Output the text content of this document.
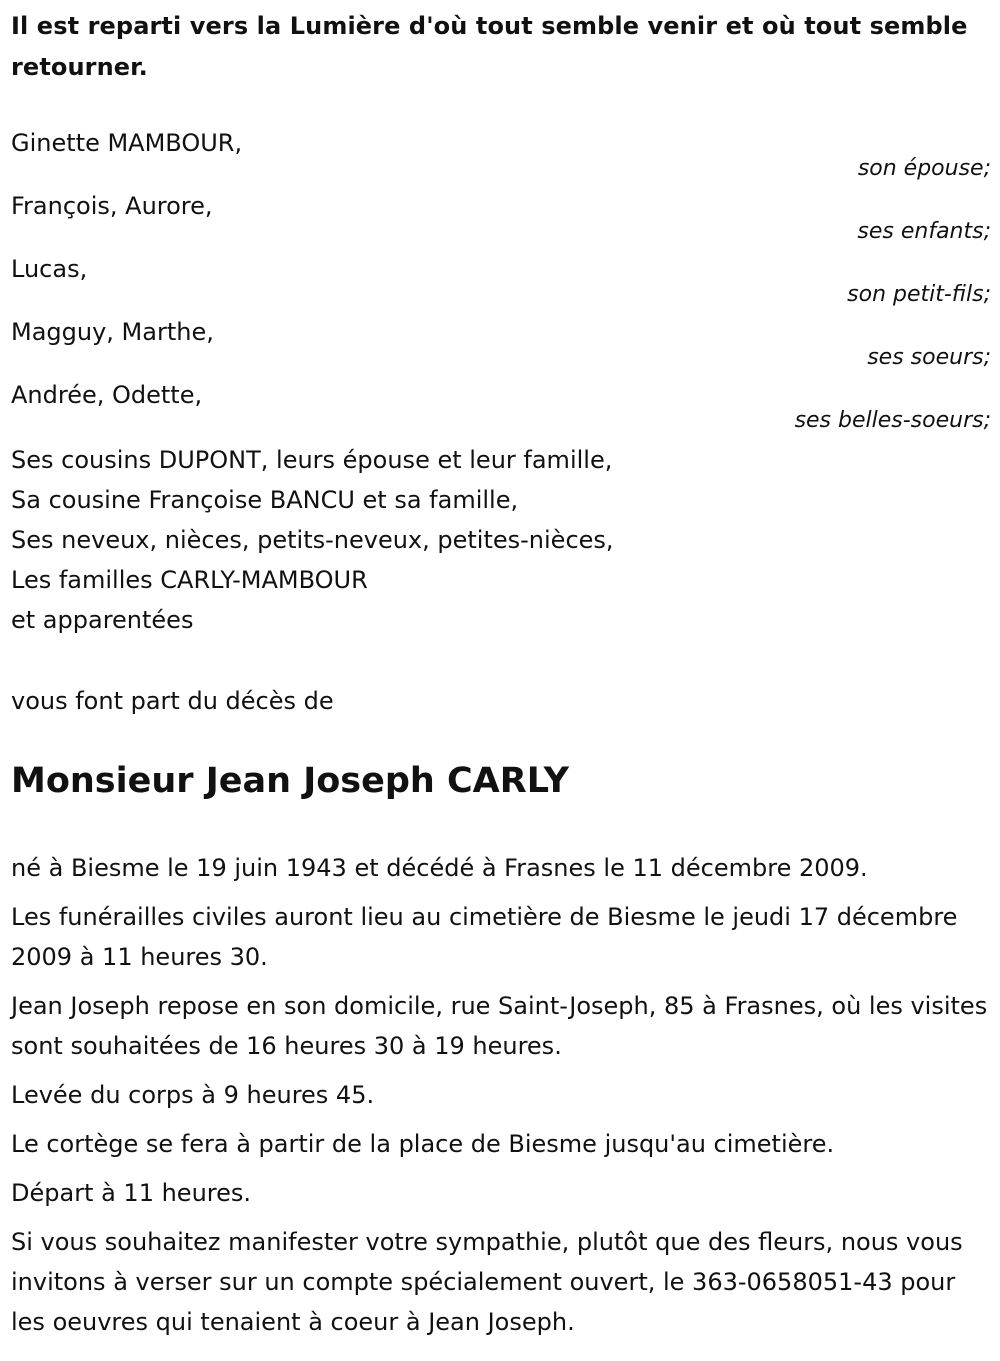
Il est reparti vers la Lumière d'où tout semble venir et où tout semble retourner.

Ginette MAMBOUR,
son épouse;
François, Aurore,
ses enfants;
Lucas,
son petit-fils;
Magguy, Marthe,
ses soeurs;
Andrée, Odette,
ses belles-soeurs;
Ses cousins DUPONT, leurs épouse et leur famille,
Sa cousine Françoise BANCU et sa famille,
Ses neveux, nièces, petits-neveux, petites-nièces,
Les familles CARLY-MAMBOUR
et apparentées

vous font part du décès de

Monsieur Jean Joseph CARLY

né à Biesme le 19 juin 1943 et décédé à Frasnes le 11 décembre 2009.

Les funérailles civiles auront lieu au cimetière de Biesme le jeudi 17 décembre 2009 à 11 heures 30.

Jean Joseph repose en son domicile, rue Saint-Joseph, 85 à Frasnes, où les visites sont souhaitées de 16 heures 30 à 19 heures.

Levée du corps à 9 heures 45.

Le cortège se fera à partir de la place de Biesme jusqu'au cimetière.

Départ à 11 heures.

Si vous souhaitez manifester votre sympathie, plutôt que des fleurs, nous vous invitons à verser sur un compte spécialement ouvert, le 363-0658051-43 pour les oeuvres qui tenaient à coeur à Jean Joseph.
